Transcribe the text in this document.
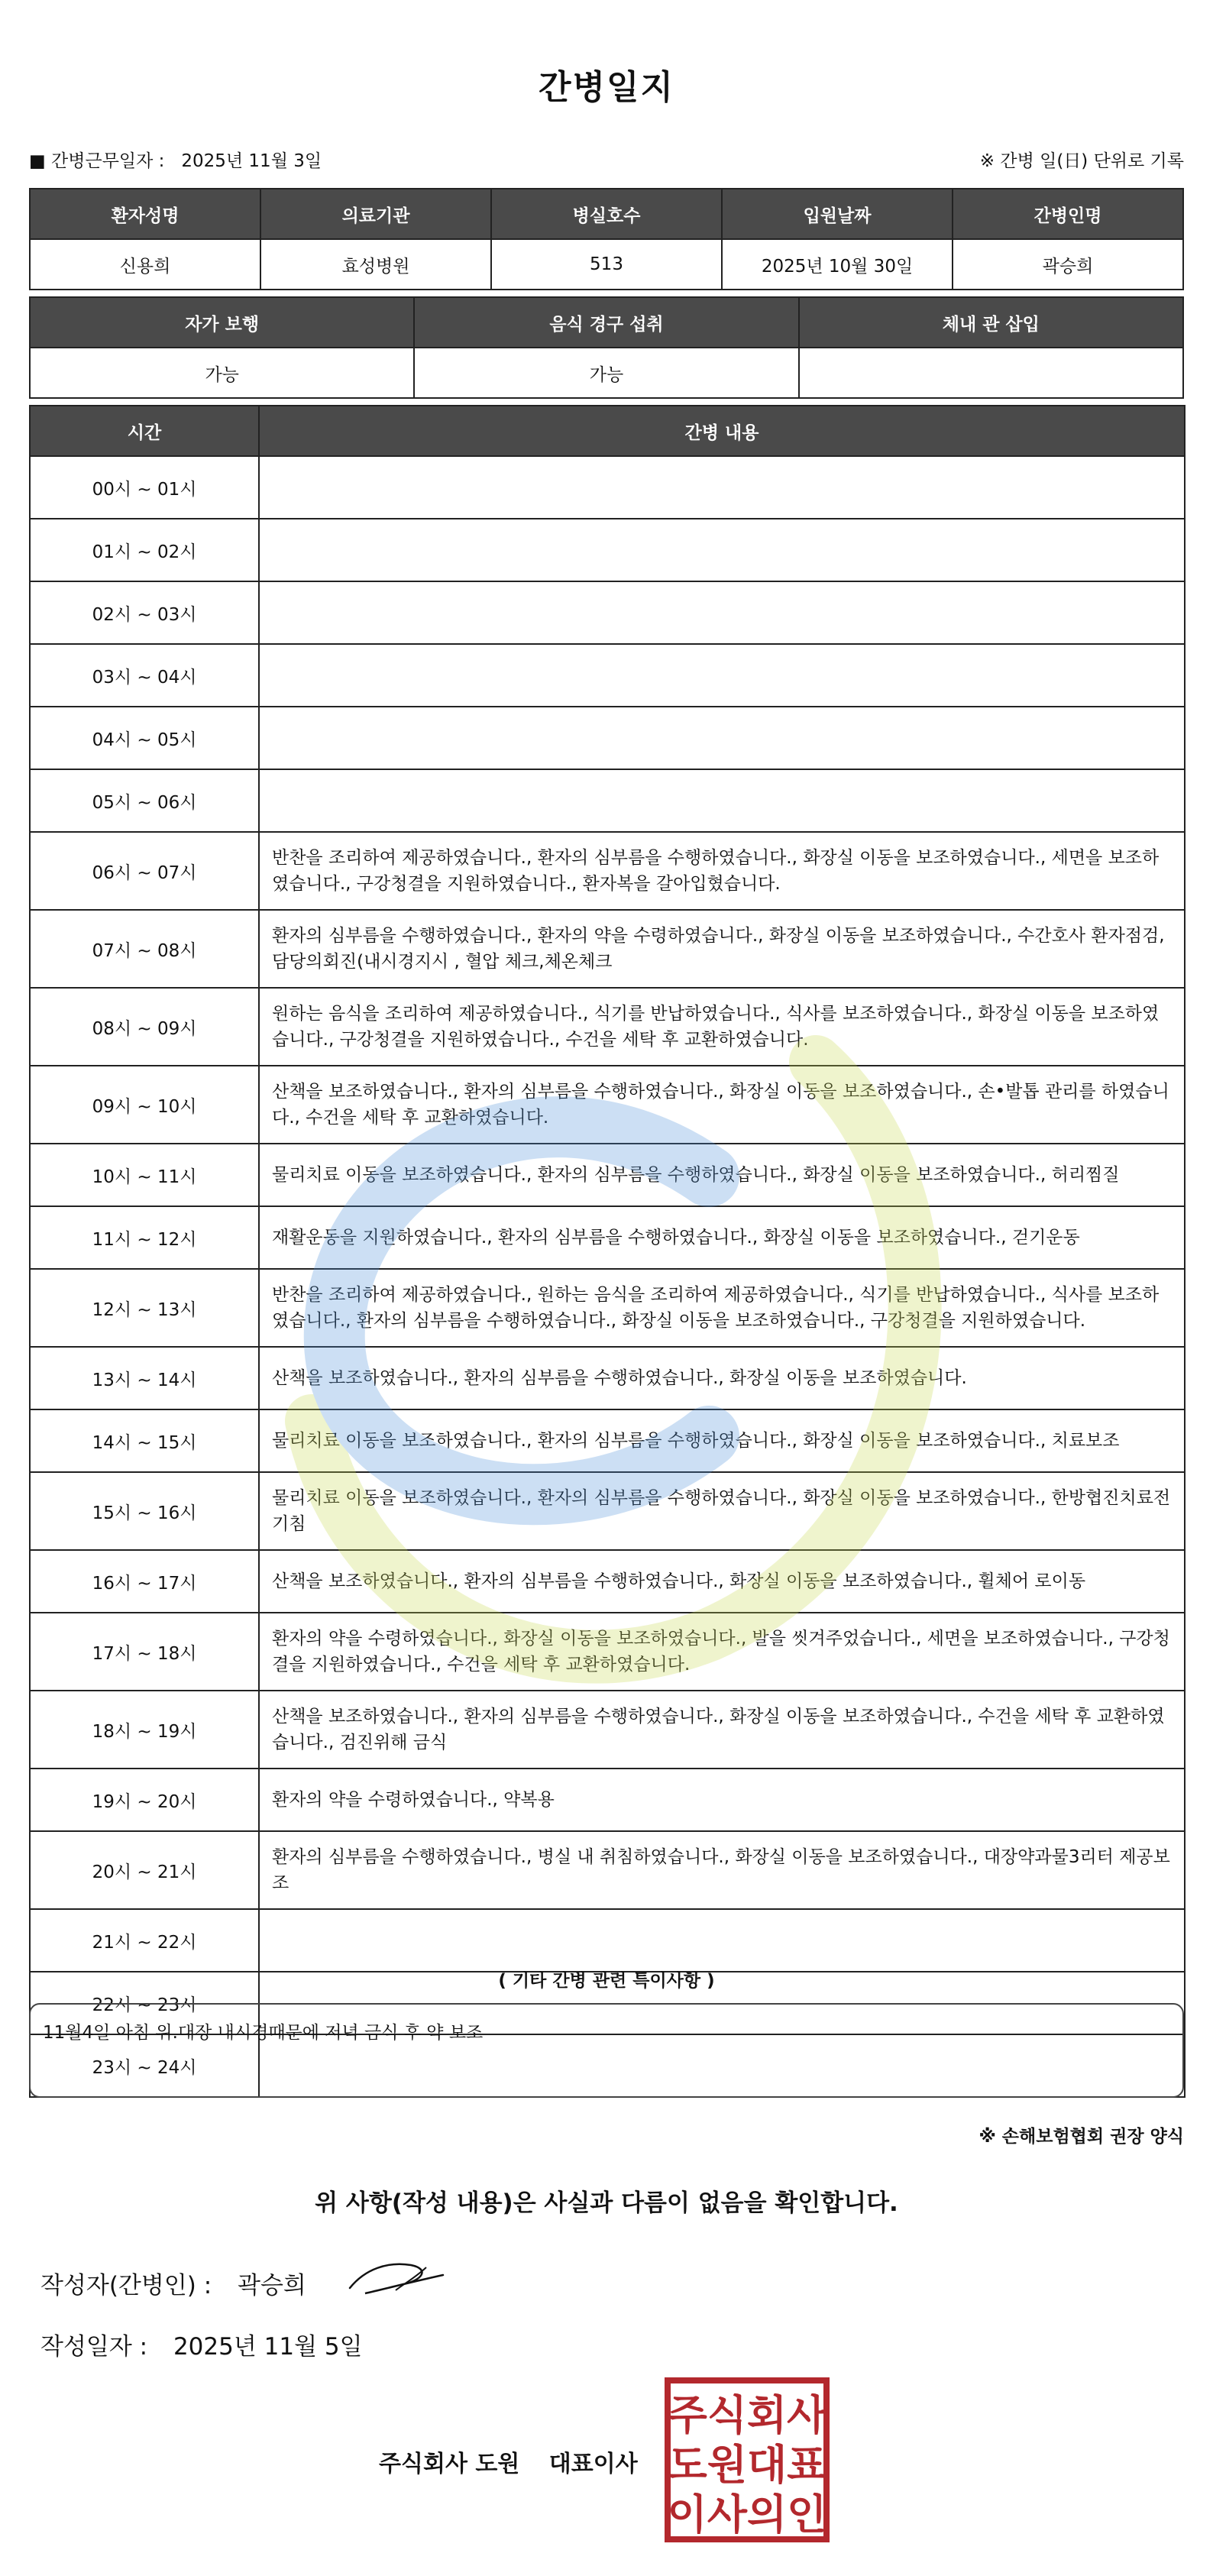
간병일지
■ 간병근무일자 : 2025년 11월 3일	※ 간병 일(日) 단위로 기록
환자성명	의료기관	병실호수	입원날짜	간병인명
신용희	효성병원	513	2025년 10월 30일	곽승희
자가 보행	음식 경구 섭취	체내 관 삽입
가능	가능	
시간	간병 내용
00시 ~ 01시	
01시 ~ 02시	
02시 ~ 03시	
03시 ~ 04시	
04시 ~ 05시	
05시 ~ 06시	
06시 ~ 07시	반찬을 조리하여 제공하였습니다., 환자의 심부름을 수행하였습니다., 화장실 이동을 보조하였습니다., 세면을 보조하였습니다., 구강청결을 지원하였습니다., 환자복을 갈아입혔습니다.
07시 ~ 08시	환자의 심부름을 수행하였습니다., 환자의 약을 수령하였습니다., 화장실 이동을 보조하였습니다., 수간호사 환자점검, 담당의회진(내시경지시 , 혈압 체크,체온체크
08시 ~ 09시	원하는 음식을 조리하여 제공하였습니다., 식기를 반납하였습니다., 식사를 보조하였습니다., 화장실 이동을 보조하였습니다., 구강청결을 지원하였습니다., 수건을 세탁 후 교환하였습니다.
09시 ~ 10시	산책을 보조하였습니다., 환자의 심부름을 수행하였습니다., 화장실 이동을 보조하였습니다., 손•발톱 관리를 하였습니다., 수건을 세탁 후 교환하였습니다.
10시 ~ 11시	물리치료 이동을 보조하였습니다., 환자의 심부름을 수행하였습니다., 화장실 이동을 보조하였습니다., 허리찜질
11시 ~ 12시	재활운동을 지원하였습니다., 환자의 심부름을 수행하였습니다., 화장실 이동을 보조하였습니다., 걷기운동
12시 ~ 13시	반찬을 조리하여 제공하였습니다., 원하는 음식을 조리하여 제공하였습니다., 식기를 반납하였습니다., 식사를 보조하였습니다., 환자의 심부름을 수행하였습니다., 화장실 이동을 보조하였습니다., 구강청결을 지원하였습니다.
13시 ~ 14시	산책을 보조하였습니다., 환자의 심부름을 수행하였습니다., 화장실 이동을 보조하였습니다.
14시 ~ 15시	물리치료 이동을 보조하였습니다., 환자의 심부름을 수행하였습니다., 화장실 이동을 보조하였습니다., 치료보조
15시 ~ 16시	물리치료 이동을 보조하였습니다., 환자의 심부름을 수행하였습니다., 화장실 이동을 보조하였습니다., 한방협진치료전기침
16시 ~ 17시	산책을 보조하였습니다., 환자의 심부름을 수행하였습니다., 화장실 이동을 보조하였습니다., 휠체어 로이동
17시 ~ 18시	환자의 약을 수령하였습니다., 화장실 이동을 보조하였습니다., 발을 씻겨주었습니다., 세면을 보조하였습니다., 구강청결을 지원하였습니다., 수건을 세탁 후 교환하였습니다.
18시 ~ 19시	산책을 보조하였습니다., 환자의 심부름을 수행하였습니다., 화장실 이동을 보조하였습니다., 수건을 세탁 후 교환하였습니다., 검진위해 금식
19시 ~ 20시	환자의 약을 수령하였습니다., 약복용
20시 ~ 21시	환자의 심부름을 수행하였습니다., 병실 내 취침하였습니다., 화장실 이동을 보조하였습니다., 대장약과물3리터 제공보조
21시 ~ 22시	
22시 ~ 23시	
23시 ~ 24시	
( 기타 간병 관련 특이사항 )
11월4일 아침 위.대장 내시경때문에 저녁 금식 후 약 보조
※ 손해보험협회 권장 양식
위 사항(작성 내용)은 사실과 다름이 없음을 확인합니다.
작성자(간병인) : 곽승희
작성일자 : 2025년 11월 5일
주식회사 도원 대표이사
주식회사
도원대표
이사의인
